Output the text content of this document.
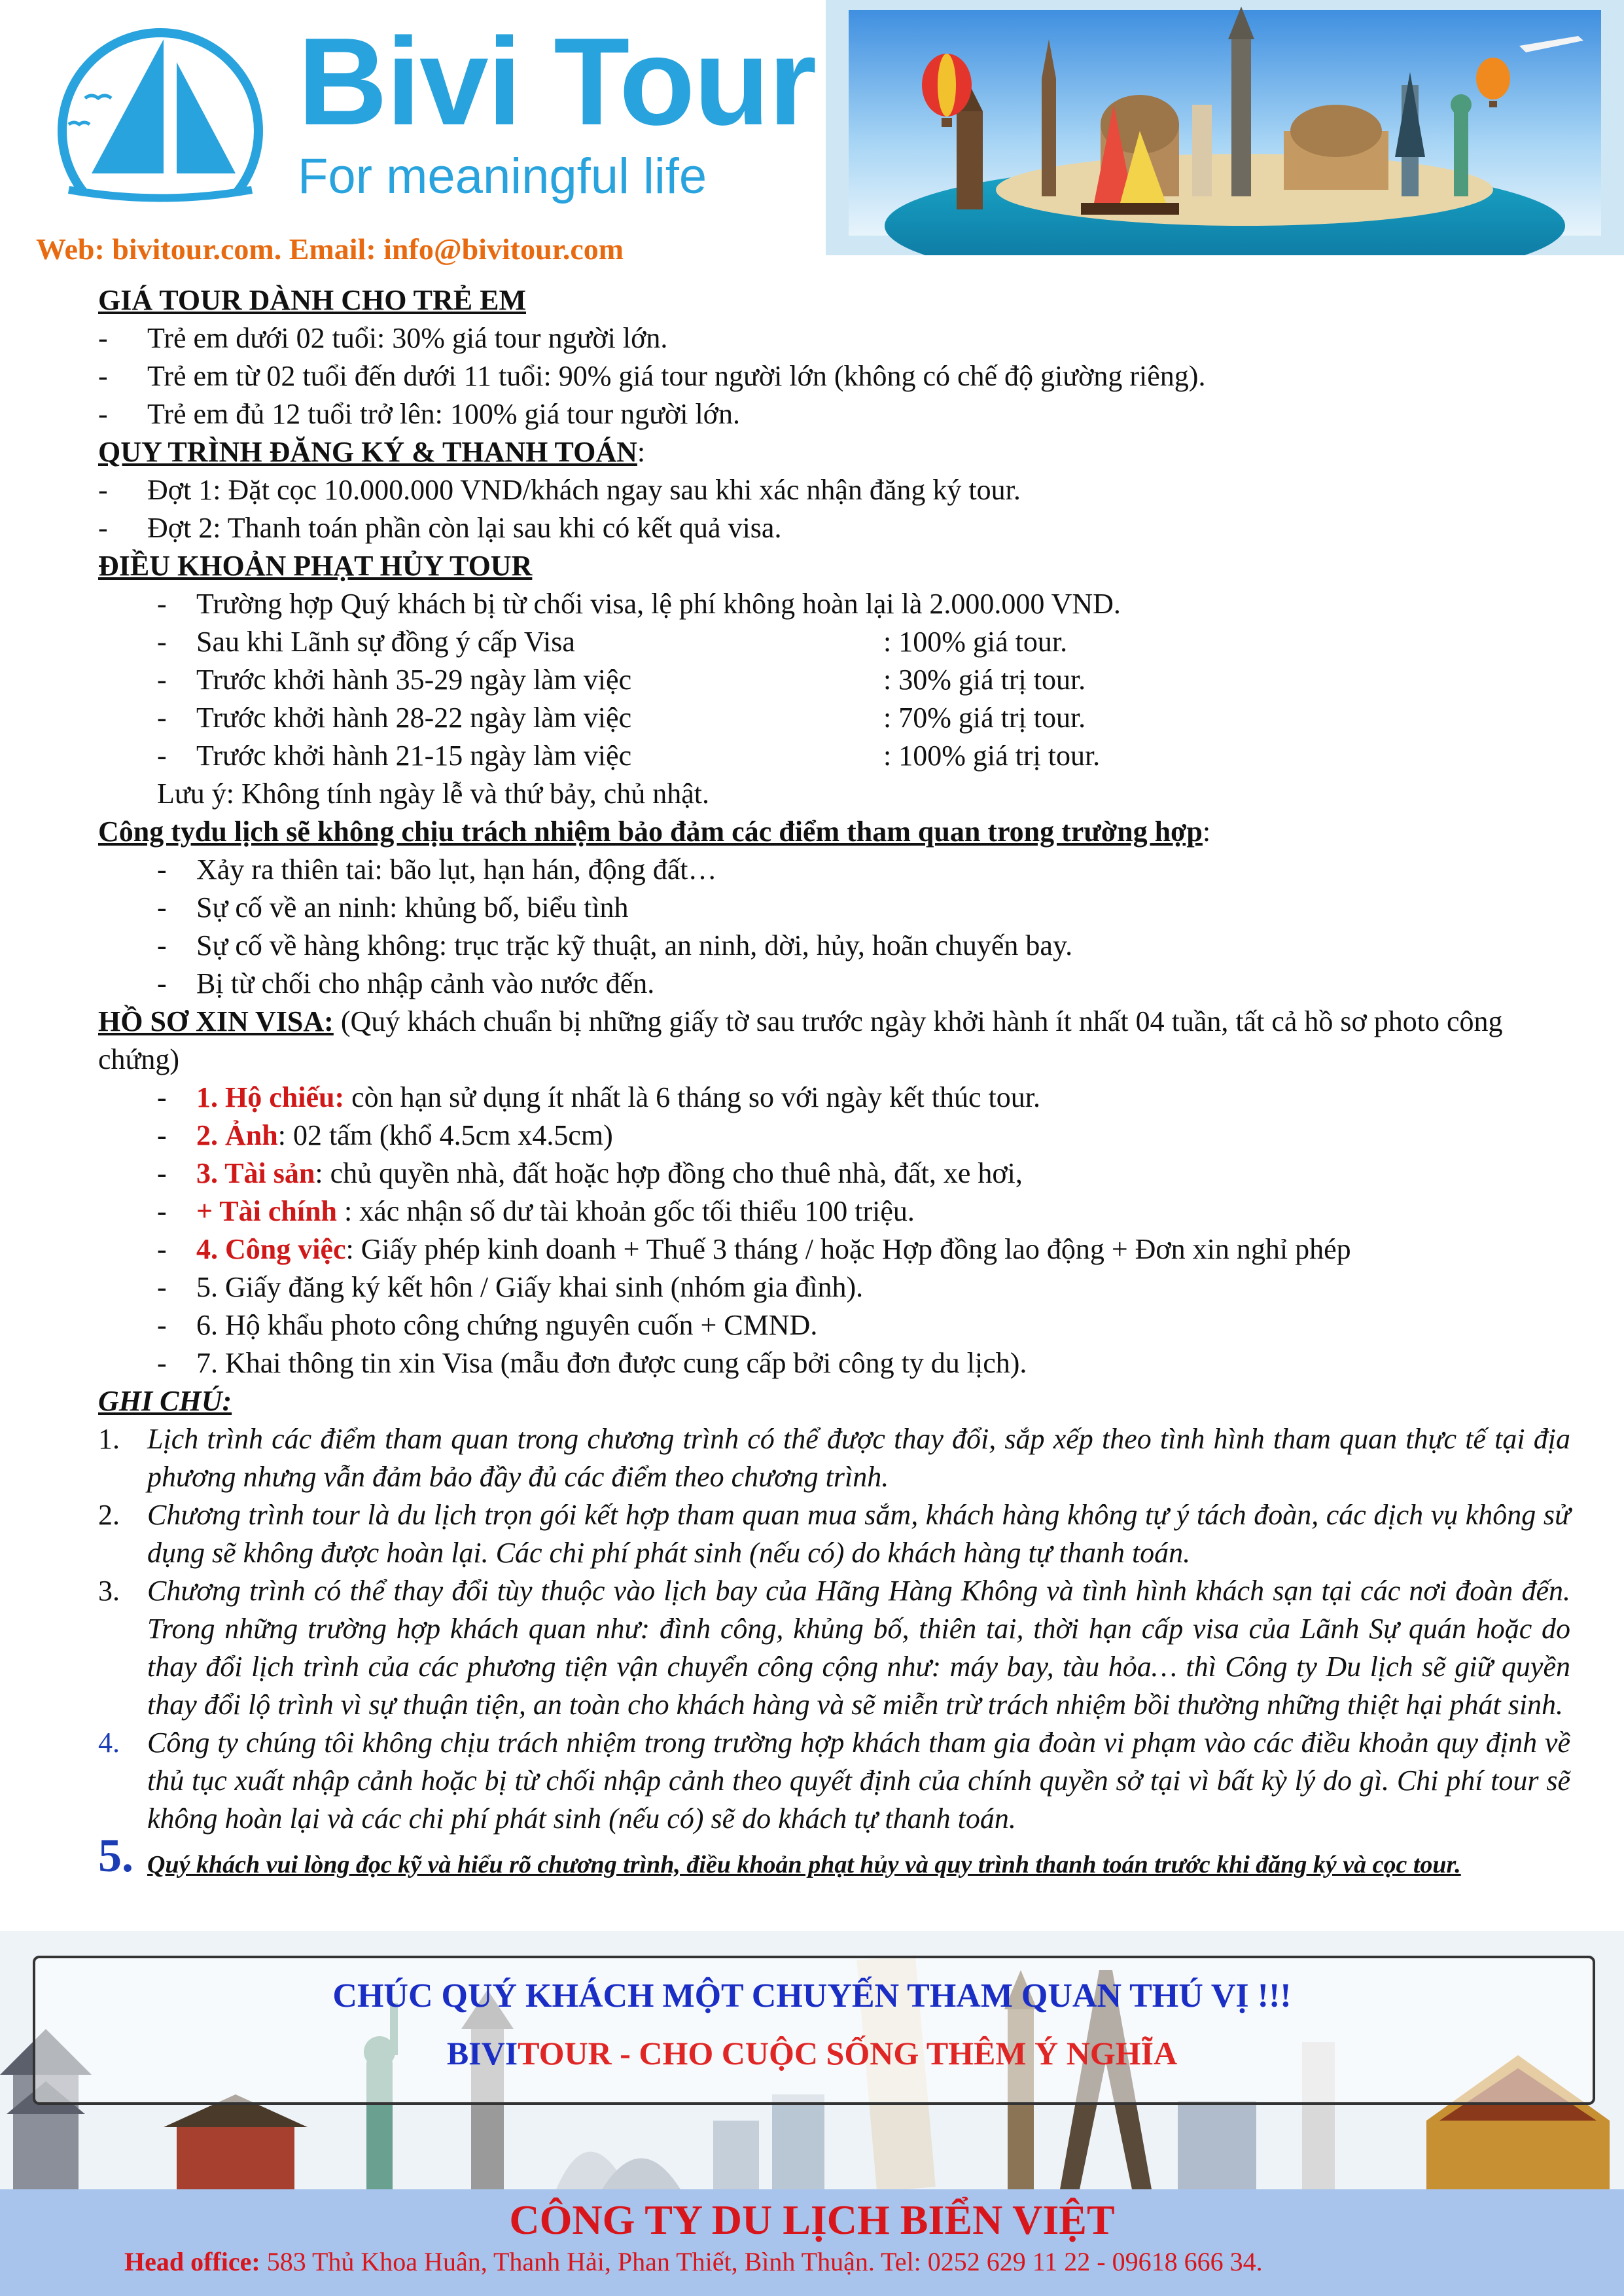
Bivi Tour
For meaningful life
Web: bivitour.com. Email: info@bivitour.com
GIÁ TOUR DÀNH CHO TRẺ EM
- Trẻ em dưới 02 tuổi: 30% giá tour người lớn.
- Trẻ em từ 02 tuổi đến dưới 11 tuổi: 90% giá tour người lớn (không có chế độ giường riêng).
- Trẻ em đủ 12 tuổi trở lên: 100% giá tour người lớn.
QUY TRÌNH ĐĂNG KÝ & THANH TOÁN:
- Đợt 1: Đặt cọc 10.000.000 VND/khách ngay sau khi xác nhận đăng ký tour.
- Đợt 2: Thanh toán phần còn lại sau khi có kết quả visa.
ĐIỀU KHOẢN PHẠT HỦY TOUR
- Trường hợp Quý khách bị từ chối visa, lệ phí không hoàn lại là 2.000.000 VND.
- Sau khi Lãnh sự đồng ý cấp Visa	: 100% giá tour.
- Trước khởi hành 35-29 ngày làm việc	: 30% giá trị tour.
- Trước khởi hành 28-22 ngày làm việc	: 70% giá trị tour.
- Trước khởi hành 21-15 ngày làm việc	: 100% giá trị tour.
Lưu ý: Không tính ngày lễ và thứ bảy, chủ nhật.
Công tydu lịch sẽ không chịu trách nhiệm bảo đảm các điểm tham quan trong trường hợp:
- Xảy ra thiên tai: bão lụt, hạn hán, động đất…
- Sự cố về an ninh: khủng bố, biểu tình
- Sự cố về hàng không: trục trặc kỹ thuật, an ninh, dời, hủy, hoãn chuyến bay.
- Bị từ chối cho nhập cảnh vào nước đến.
HỒ SƠ XIN VISA: (Quý khách chuẩn bị những giấy tờ sau trước ngày khởi hành ít nhất 04 tuần, tất cả hồ sơ photo công chứng)
- 1. Hộ chiếu: còn hạn sử dụng ít nhất là 6 tháng so với ngày kết thúc tour.
- 2. Ảnh: 02 tấm (khổ 4.5cm x4.5cm)
- 3. Tài sản: chủ quyền nhà, đất hoặc hợp đồng cho thuê nhà, đất, xe hơi,
- + Tài chính : xác nhận số dư tài khoản gốc tối thiểu 100 triệu.
- 4. Công việc: Giấy phép kinh doanh + Thuế 3 tháng / hoặc Hợp đồng lao động + Đơn xin nghỉ phép
- 5. Giấy đăng ký kết hôn / Giấy khai sinh (nhóm gia đình).
- 6. Hộ khẩu photo công chứng nguyên cuốn + CMND.
- 7. Khai thông tin xin Visa (mẫu đơn được cung cấp bởi công ty du lịch).
GHI CHÚ:
1. Lịch trình các điểm tham quan trong chương trình có thể được thay đổi, sắp xếp theo tình hình tham quan thực tế tại địa phương nhưng vẫn đảm bảo đầy đủ các điểm theo chương trình.
2. Chương trình tour là du lịch trọn gói kết hợp tham quan mua sắm, khách hàng không tự ý tách đoàn, các dịch vụ không sử dụng sẽ không được hoàn lại. Các chi phí phát sinh (nếu có) do khách hàng tự thanh toán.
3. Chương trình có thể thay đổi tùy thuộc vào lịch bay của Hãng Hàng Không và tình hình khách sạn tại các nơi đoàn đến. Trong những trường hợp khách quan như: đình công, khủng bố, thiên tai, thời hạn cấp visa của Lãnh Sự quán hoặc do thay đổi lịch trình của các phương tiện vận chuyển công cộng như: máy bay, tàu hỏa… thì Công ty Du lịch sẽ giữ quyền thay đổi lộ trình vì sự thuận tiện, an toàn cho khách hàng và sẽ miễn trừ trách nhiệm bồi thường những thiệt hại phát sinh.
4. Công ty chúng tôi không chịu trách nhiệm trong trường hợp khách tham gia đoàn vi phạm vào các điều khoản quy định về thủ tục xuất nhập cảnh hoặc bị từ chối nhập cảnh theo quyết định của chính quyền sở tại vì bất kỳ lý do gì. Chi phí tour sẽ không hoàn lại và các chi phí phát sinh (nếu có) sẽ do khách tự thanh toán.
5. Quý khách vui lòng đọc kỹ và hiểu rõ chương trình, điều khoản phạt hủy và quy trình thanh toán trước khi đăng ký và cọc tour.
CHÚC QUÝ KHÁCH MỘT CHUYẾN THAM QUAN THÚ VỊ !!!
BIVITOUR - CHO CUỘC SỐNG THÊM Ý NGHĨA
CÔNG TY DU LỊCH BIỂN VIỆT
Head office: 583 Thủ Khoa Huân, Thanh Hải, Phan Thiết, Bình Thuận. Tel: 0252 629 11 22 - 09618 666 34.
